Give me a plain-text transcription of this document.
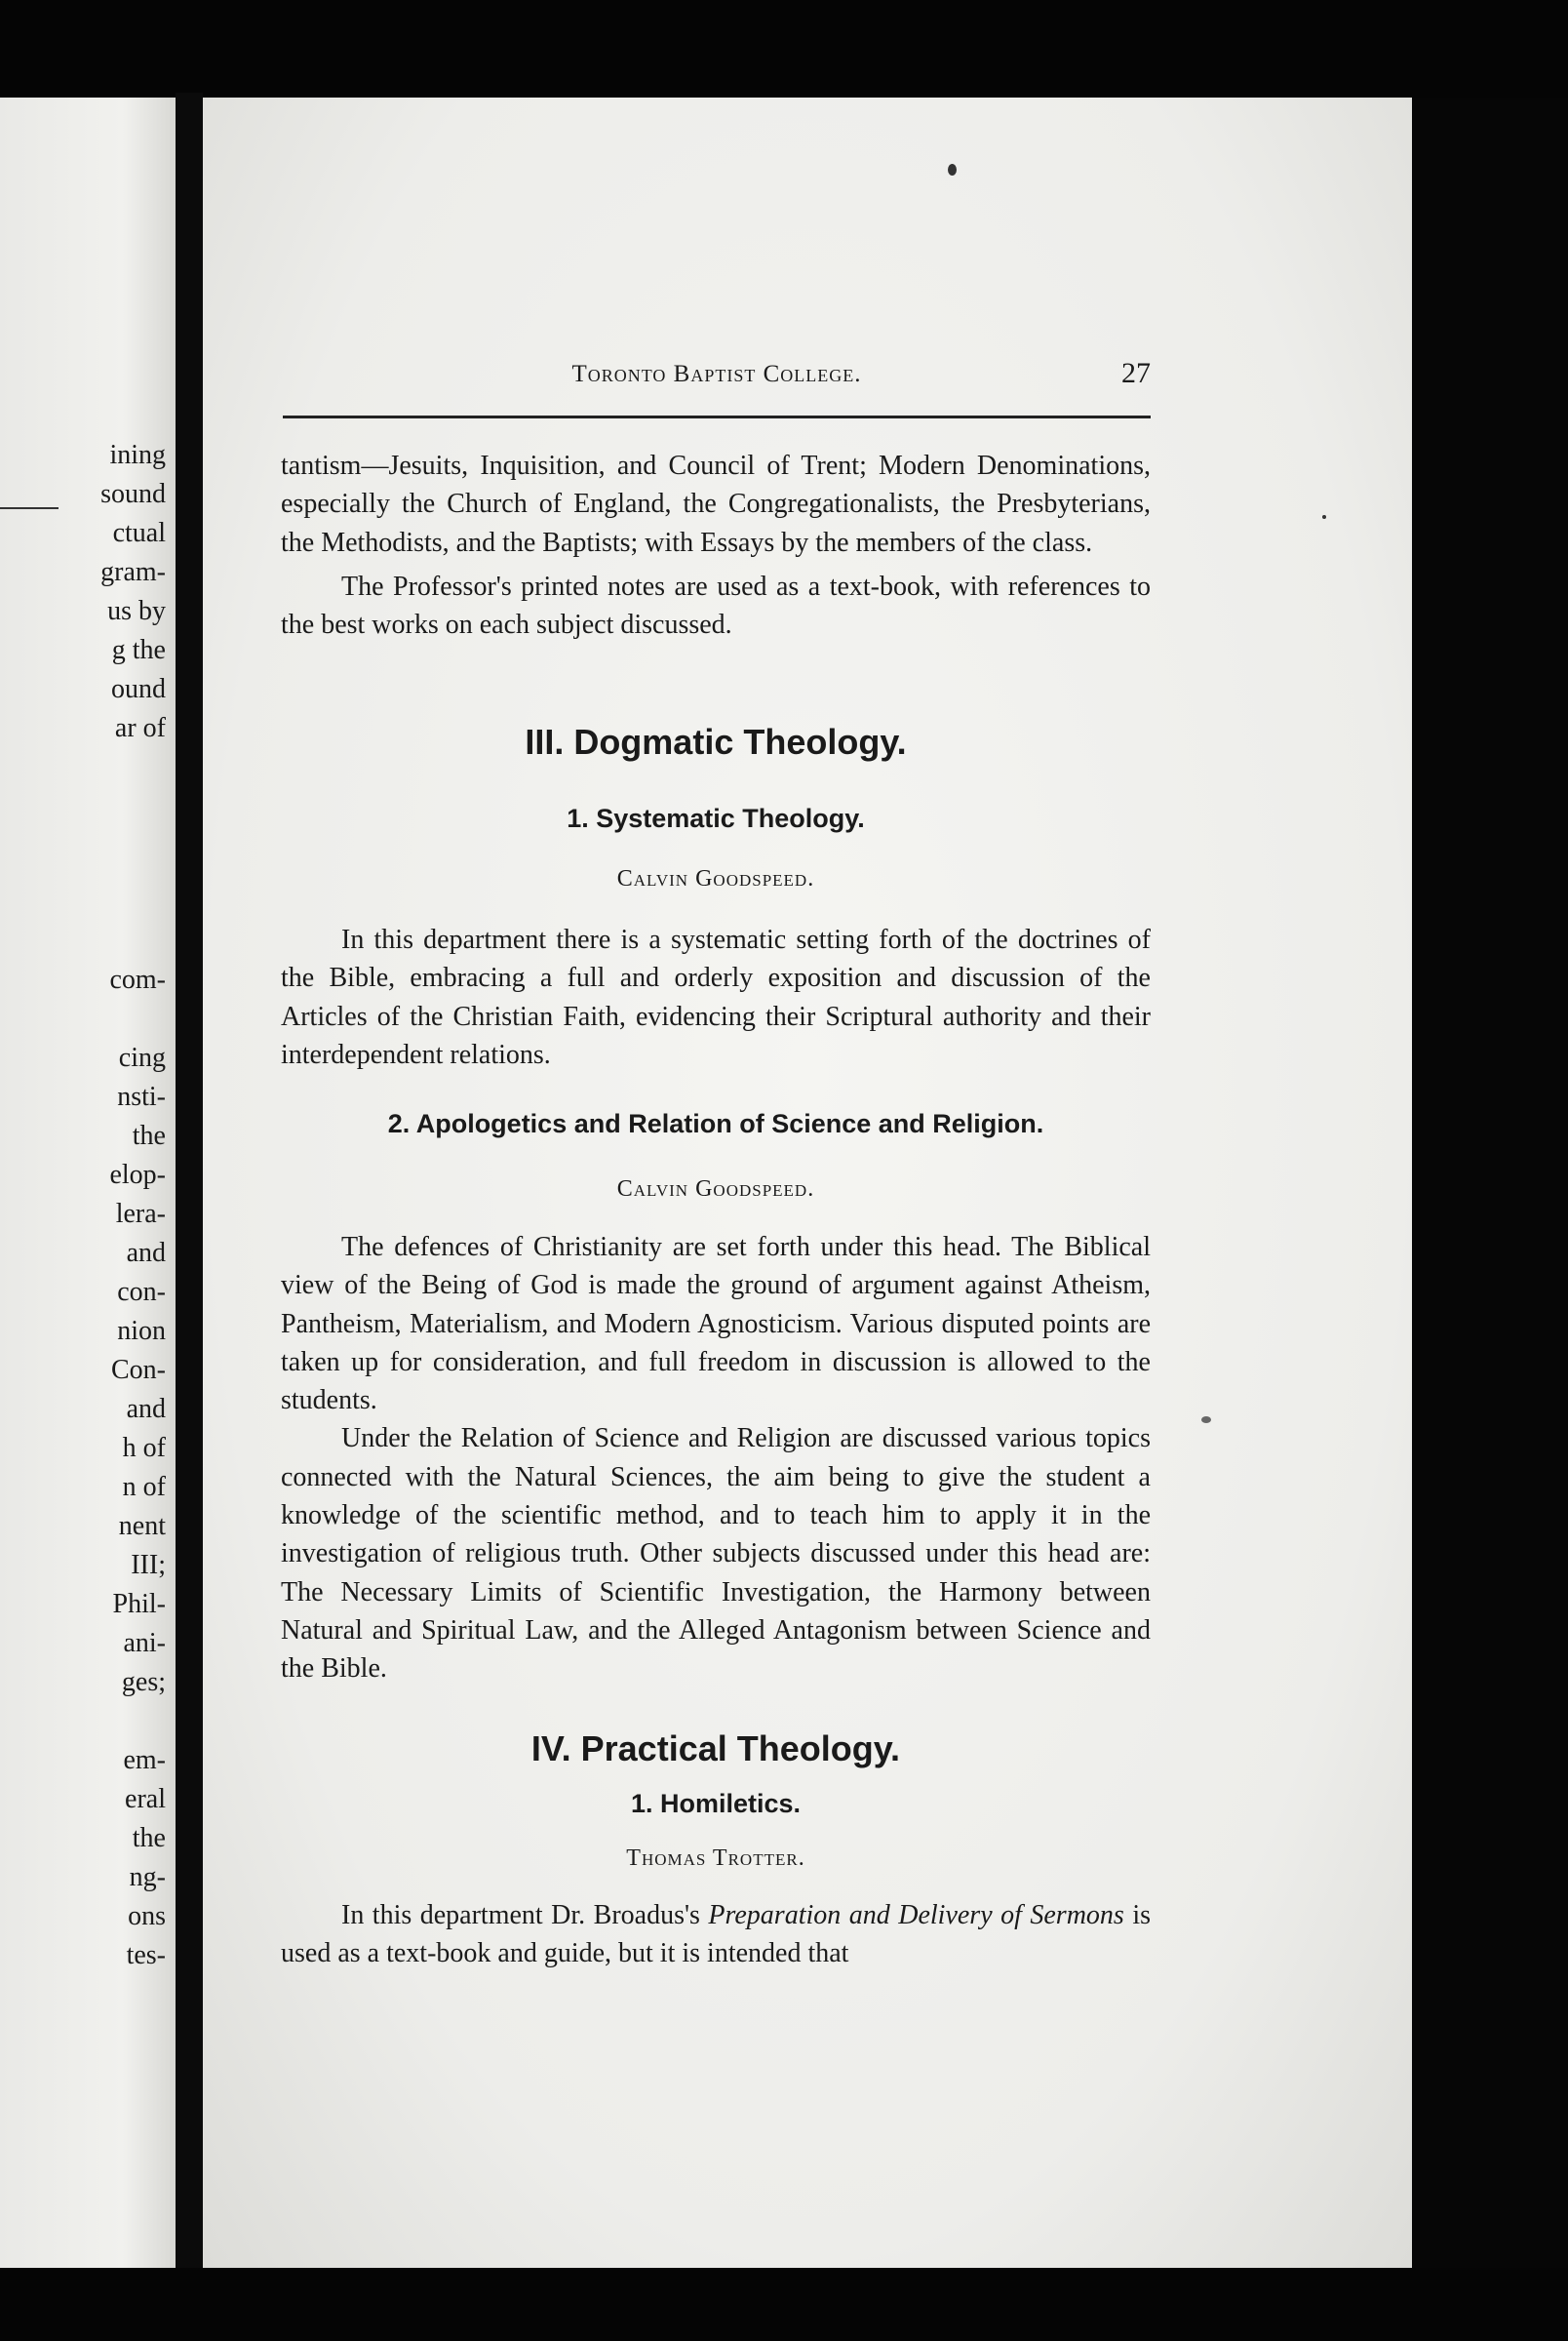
ining
sound
ctual
gram-
us by
g the
ound
ar of
com-
cing
nsti-
the
elop-
lera-
and
con-
nion
Con-
and
h of
n of
nent
III;
Phil-
ani-
ges;
em-
eral
the
ng-
ons
tes-
Toronto Baptist College.	27

tantism—Jesuits, Inquisition, and Council of Trent; Modern Denominations, especially the Church of England, the Congregationalists, the Presbyterians, the Methodists, and the Baptists; with Essays by the members of the class.

The Professor's printed notes are used as a text-book, with references to the best works on each subject discussed.

III. Dogmatic Theology.
1. Systematic Theology.
Calvin Goodspeed.

In this department there is a systematic setting forth of the doctrines of the Bible, embracing a full and orderly exposition and discussion of the Articles of the Christian Faith, evidencing their Scriptural authority and their interdependent relations.

2. Apologetics and Relation of Science and Religion.
Calvin Goodspeed.

The defences of Christianity are set forth under this head. The Biblical view of the Being of God is made the ground of argument against Atheism, Pantheism, Materialism, and Modern Agnosticism. Various disputed points are taken up for consideration, and full freedom in discussion is allowed to the students.

Under the Relation of Science and Religion are discussed various topics connected with the Natural Sciences, the aim being to give the student a knowledge of the scientific method, and to teach him to apply it in the investigation of religious truth. Other subjects discussed under this head are: The Necessary Limits of Scientific Investigation, the Harmony between Natural and Spiritual Law, and the Alleged Antagonism between Science and the Bible.

IV. Practical Theology.
1. Homiletics.
Thomas Trotter.

In this department Dr. Broadus's Preparation and Delivery of Sermons is used as a text-book and guide, but it is intended that
